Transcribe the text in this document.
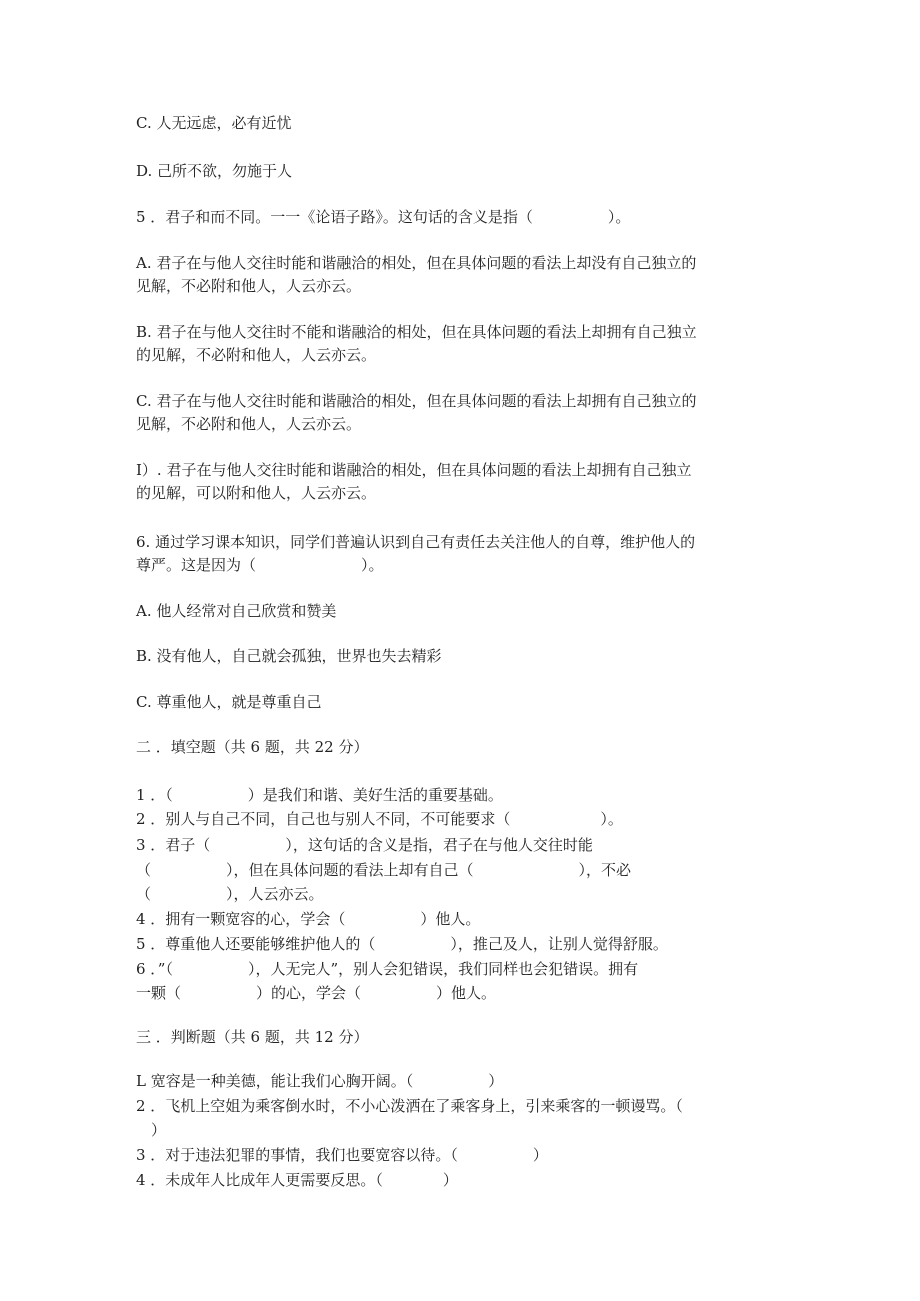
C. 人无远虑，必有近忧
D. 己所不欲，勿施于人
5 ．君子和而不同。一一《论语子路》。这句话的含义是指（　　　　　）。
A. 君子在与他人交往时能和谐融洽的相处，但在具体问题的看法上却没有自己独立的
见解，不必附和他人，人云亦云。
B. 君子在与他人交往时不能和谐融洽的相处，但在具体问题的看法上却拥有自己独立
的见解，不必附和他人，人云亦云。
C. 君子在与他人交往时能和谐融洽的相处，但在具体问题的看法上却拥有自己独立的
见解，不必附和他人，人云亦云。
I）. 君子在与他人交往时能和谐融洽的相处，但在具体问题的看法上却拥有自己独立
的见解，可以附和他人，人云亦云。
6. 通过学习课本知识，同学们普遍认识到自己有责任去关注他人的自尊，维护他人的
尊严。这是因为（　　　　　　　）。
A. 他人经常对自己欣赏和赞美
B. 没有他人，自己就会孤独，世界也失去精彩
C. 尊重他人，就是尊重自己
二 ．填空题（共 6 题，共 22 分）
1 ．（　　　　　）是我们和谐、美好生活的重要基础。
2 ．别人与自己不同，自己也与别人不同，不可能要求（　　　　　　）。
3 ．君子（　　　　　），这句话的含义是指，君子在与他人交往时能
（　　　　　），但在具体问题的看法上却有自己（　　　　　　　），不必
（　　　　　），人云亦云。
4 ．拥有一颗宽容的心，学会（　　　　　）他人。
5 ．尊重他人还要能够维护他人的（　　　　　），推己及人，让别人觉得舒服。
6 ．”（　　　　　），人无完人”，别人会犯错误，我们同样也会犯错误。拥有
一颗（　　　　　）的心，学会（　　　　　）他人。
三 ．判断题（共 6 题，共 12 分）
L 宽容是一种美德，能让我们心胸开阔。（　　　　　）
2 ．飞机上空姐为乘客倒水时，不小心泼洒在了乘客身上，引来乘客的一顿谩骂。（
　）
3 ．对于违法犯罪的事情，我们也要宽容以待。（　　　　　）
4 ．未成年人比成年人更需要反思。（　　　　）
